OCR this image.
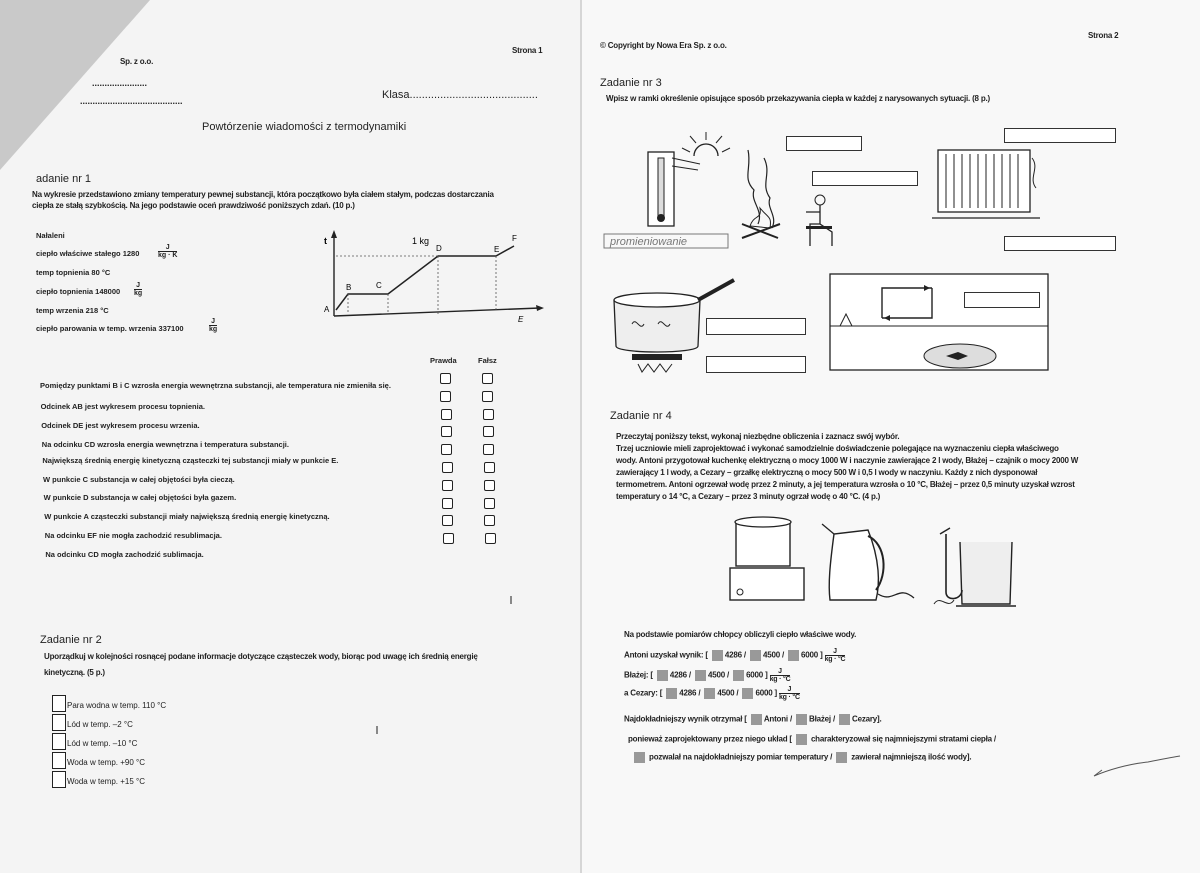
Sp. z o.o.
Strona 1
......................
.........................................	Klasa..........................................
Powtórzenie wiadomości z termodynamiki
adanie nr 1
Na wykresie przedstawiono zmiany temperatury pewnej substancji, która początkowo była ciałem stałym, podczas dostarczania
ciepła ze stałą szybkością. Na jego podstawie oceń prawdziwość poniższych zdań. (10 p.)
Nałaleni
ciepło właściwe stałego 1280
J
kg · K
temp topnienia 80 °C
ciepło topnienia 148000
J
kg
temp wrzenia 218 °C
ciepło parowania w temp. wrzenia 337100
J
kg
t
E
1 kg
A
B	C
D	E
F
Prawda	Fałsz
Zadanie nr 2
Uporządkuj w kolejności rosnącej podane informacje dotyczące cząsteczek wody, biorąc pod uwagę ich średnią energię
kinetyczną. (5 p.)
Pomiędzy punktami B i C wzrosła energia wewnętrzna substancji, ale temperatura nie zmieniła się.
Odcinek AB jest wykresem procesu topnienia.
Odcinek DE jest wykresem procesu wrzenia.
Na odcinku CD wzrosła energia wewnętrzna i temperatura substancji.
Największą średnią energię kinetyczną cząsteczki tej substancji miały w punkcie E.
W punkcie C substancja w całej objętości była cieczą.
W punkcie D substancja w całej objętości była gazem.
W punkcie A cząsteczki substancji miały największą średnią energię kinetyczną.
Na odcinku EF nie mogła zachodzić resublimacja.
Na odcinku CD mogła zachodzić sublimacja.
Para wodna w temp. 110 °C
Lód w temp. –2 °C
Lód w temp. –10 °C
Woda w temp. +90 °C
Woda w temp. +15 °C
© Copyright by Nowa Era Sp. z o.o.
Strona 2
Zadanie nr 3
Wpisz w ramki określenie opisujące sposób przekazywania ciepła w każdej z narysowanych sytuacji. (8 p.)
promieniowanie
Zadanie nr 4
Na podstawie pomiarów chłopcy obliczyli ciepło właściwe wody.
Antoni uzyskał wynik: [ 4286 / 4500 / 6000 ] $\frac{J}{kg \cdot ^\circ C}$
Błażej: [ 4286 / 4500 / 6000 ] $\frac{J}{kg \cdot ^\circ C}$
a Cezary: [ 4286 / 4500 / 6000 ] $\frac{J}{kg \cdot ^\circ C}$
Najdokładniejszy wynik otrzymał [ Antoni / Błażej / Cezary].
ponieważ zaprojektowany przez niego układ [ charakteryzował się najmniejszymi stratami ciepła /
pozwalał na najdokładniejszy pomiar temperatury /  zawierał najmniejszą ilość wody].
Przeczytaj poniższy tekst, wykonaj niezbędne obliczenia i zaznacz swój wybór.
Trzej uczniowie mieli zaprojektować i wykonać samodzielnie doświadczenie polegające na wyznaczeniu ciepła właściwego
wody. Antoni przygotował kuchenkę elektryczną o mocy 1000 W i naczynie zawierające 2 l wody, Błażej – czajnik o mocy 2000 W
zawierający 1 l wody, a Cezary – grzałkę elektryczną o mocy 500 W i 0,5 l wody w naczyniu. Każdy z nich dysponował
termometrem. Antoni ogrzewał wodę przez 2 minuty, a jej temperatura wzrosła o 10 °C, Błażej – przez 0,5 minuty uzyskał wzrost
temperatury o 14 °C, a Cezary – przez 3 minuty ogrzał wodę o 40 °C. (4 p.)
